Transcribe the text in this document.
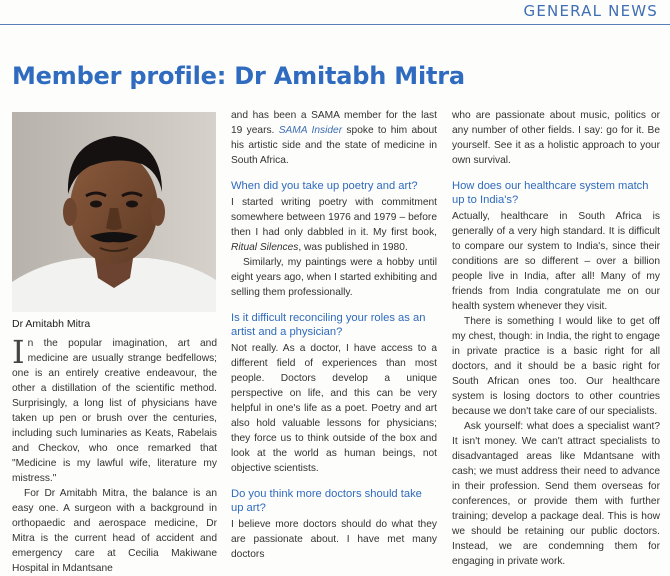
GENERAL NEWS
Member profile: Dr Amitabh Mitra
Dr Amitabh Mitra

In the popular imagination, art and medicine are usually strange bedfellows; one is an entirely creative endeavour, the other a distillation of the scientific method. Surprisingly, a long list of physicians have taken up pen or brush over the centuries, including such luminaries as Keats, Rabelais and Checkov, who once remarked that "Medicine is my lawful wife, literature my mistress."

For Dr Amitabh Mitra, the balance is an easy one. A surgeon with a background in orthopaedic and aerospace medicine, Dr Mitra is the current head of accident and emergency care at Cecilia Makiwane Hospital in Mdantsane

and has been a SAMA member for the last 19 years. SAMA Insider spoke to him about his artistic side and the state of medicine in South Africa.

When did you take up poetry and art?

I started writing poetry with commitment somewhere between 1976 and 1979 – before then I had only dabbled in it. My first book, Ritual Silences, was published in 1980.

Similarly, my paintings were a hobby until eight years ago, when I started exhibiting and selling them professionally.

Is it difficult reconciling your roles as an artist and a physician?

Not really. As a doctor, I have access to a different field of experiences than most people. Doctors develop a unique perspective on life, and this can be very helpful in one's life as a poet. Poetry and art also hold valuable lessons for physicians; they force us to think outside of the box and look at the world as human beings, not objective scientists.

Do you think more doctors should take up art?

I believe more doctors should do what they are passionate about. I have met many doctors

who are passionate about music, politics or any number of other fields. I say: go for it. Be yourself. See it as a holistic approach to your own survival.

How does our healthcare system match up to India's?

Actually, healthcare in South Africa is generally of a very high standard. It is difficult to compare our system to India's, since their conditions are so different – over a billion people live in India, after all! Many of my friends from India congratulate me on our health system whenever they visit.

There is something I would like to get off my chest, though: in India, the right to engage in private practice is a basic right for all doctors, and it should be a basic right for South African ones too. Our healthcare system is losing doctors to other countries because we don't take care of our specialists.

Ask yourself: what does a specialist want? It isn't money. We can't attract specialists to disadvantaged areas like Mdantsane with cash; we must address their need to advance in their profession. Send them overseas for conferences, or provide them with further training; develop a package deal. This is how we should be retaining our public doctors. Instead, we are condemning them for engaging in private work.
